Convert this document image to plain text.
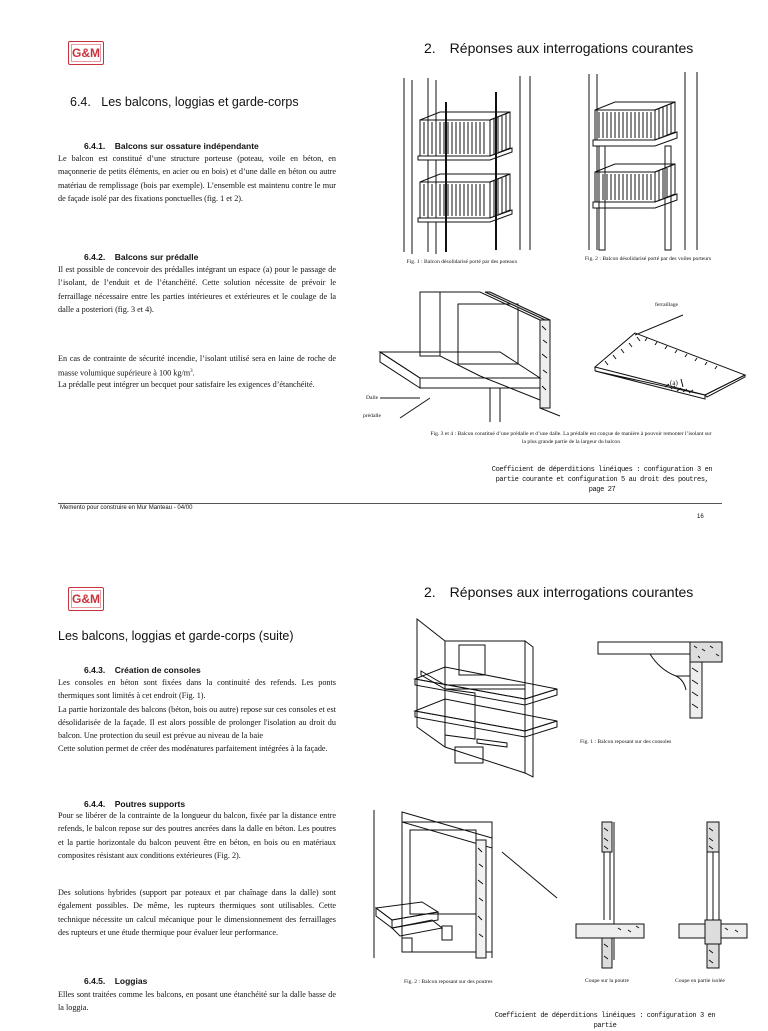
G&M	2. Réponses aux interrogations courantes
6.4.   Les balcons, loggias et garde-corps
6.4.1.    Balcons sur ossature indépendante
Le balcon est constitué d’une structure porteuse (poteau, voile en béton, en maçonnerie de petits éléments, en acier ou en bois) et d’une dalle en béton ou autre matériau de remplissage (bois par exemple). L’ensemble est maintenu contre le mur de façade isolé par des fixations ponctuelles (fig. 1 et 2).
6.4.2.    Balcons sur prédalle
Il est possible de concevoir des prédalles intégrant un espace (a) pour le passage de l’isolant, de l’enduit et de l’étanchéité. Cette solution nécessite de prévoir le ferraillage nécessaire entre les parties intérieures et extérieures et le coulage de la dalle a posteriori (fig. 3 et 4).
En cas de contrainte de sécurité incendie, l’isolant utilisé sera en laine de roche de masse volumique supérieure à 100 $kg/m^3$.
La prédalle peut intégrer un becquet pour satisfaire les exigences d’étanchéité.
Fig. 1 : Balcon désolidarisé porté par des poteaux	Fig. 2 : Balcon désolidarisé porté par des voiles porteurs
Dalle
prédalle
ferraillage
(a)
Fig. 3 et 4 : Balcon constitué d’une prédalle et d’une dalle. La prédalle est conçue de manière à pouvoir remonter l’isolant sur la plus grande partie de la largeur du balcon
Coefficient de déperditions linéiques : configuration 3 en partie courante et configuration 5 au droit des poutres, page 27
Memento pour construire en Mur Manteau - 04/00
16
G&M	2. Réponses aux interrogations courantes
Les balcons, loggias et garde-corps (suite)
6.4.3.    Création de consoles
Les consoles en béton sont fixées dans la continuité des refends. Les ponts thermiques sont limités à cet endroit (Fig. 1).
La partie horizontale des balcons (béton, bois ou autre) repose sur ces consoles et est désolidarisée de la façade. Il est alors possible de prolonger l'isolation au droit du balcon. Une protection du seuil est prévue au niveau de la baie
Cette solution permet de créer des modénatures parfaitement intégrées à la façade.
6.4.4.    Poutres supports
Pour se libérer de la contrainte de la longueur du balcon, fixée par la distance entre refends, le balcon repose sur des poutres ancrées dans la dalle en béton. Les poutres et la partie horizontale du balcon peuvent être en béton, en bois ou en matériaux composites résistant aux conditions extérieures (Fig. 2).
Des solutions hybrides (support par poteaux et par chaînage dans la dalle) sont également possibles. De même, les rupteurs thermiques sont utilisables. Cette technique nécessite un calcul mécanique pour le dimensionnement des ferraillages des rupteurs et une étude thermique pour évaluer leur performance.
6.4.5.    Loggias
Elles sont traitées comme les balcons, en posant une étanchéité sur la dalle basse de la loggia.
Fig. 1 : Balcon reposant sur des consoles
Fig. 2 : Balcon reposant sur des poutres	Coupe sur la poutre	Coupe en partie isolée
Coefficient de déperditions linéiques : configuration 3 en partie
